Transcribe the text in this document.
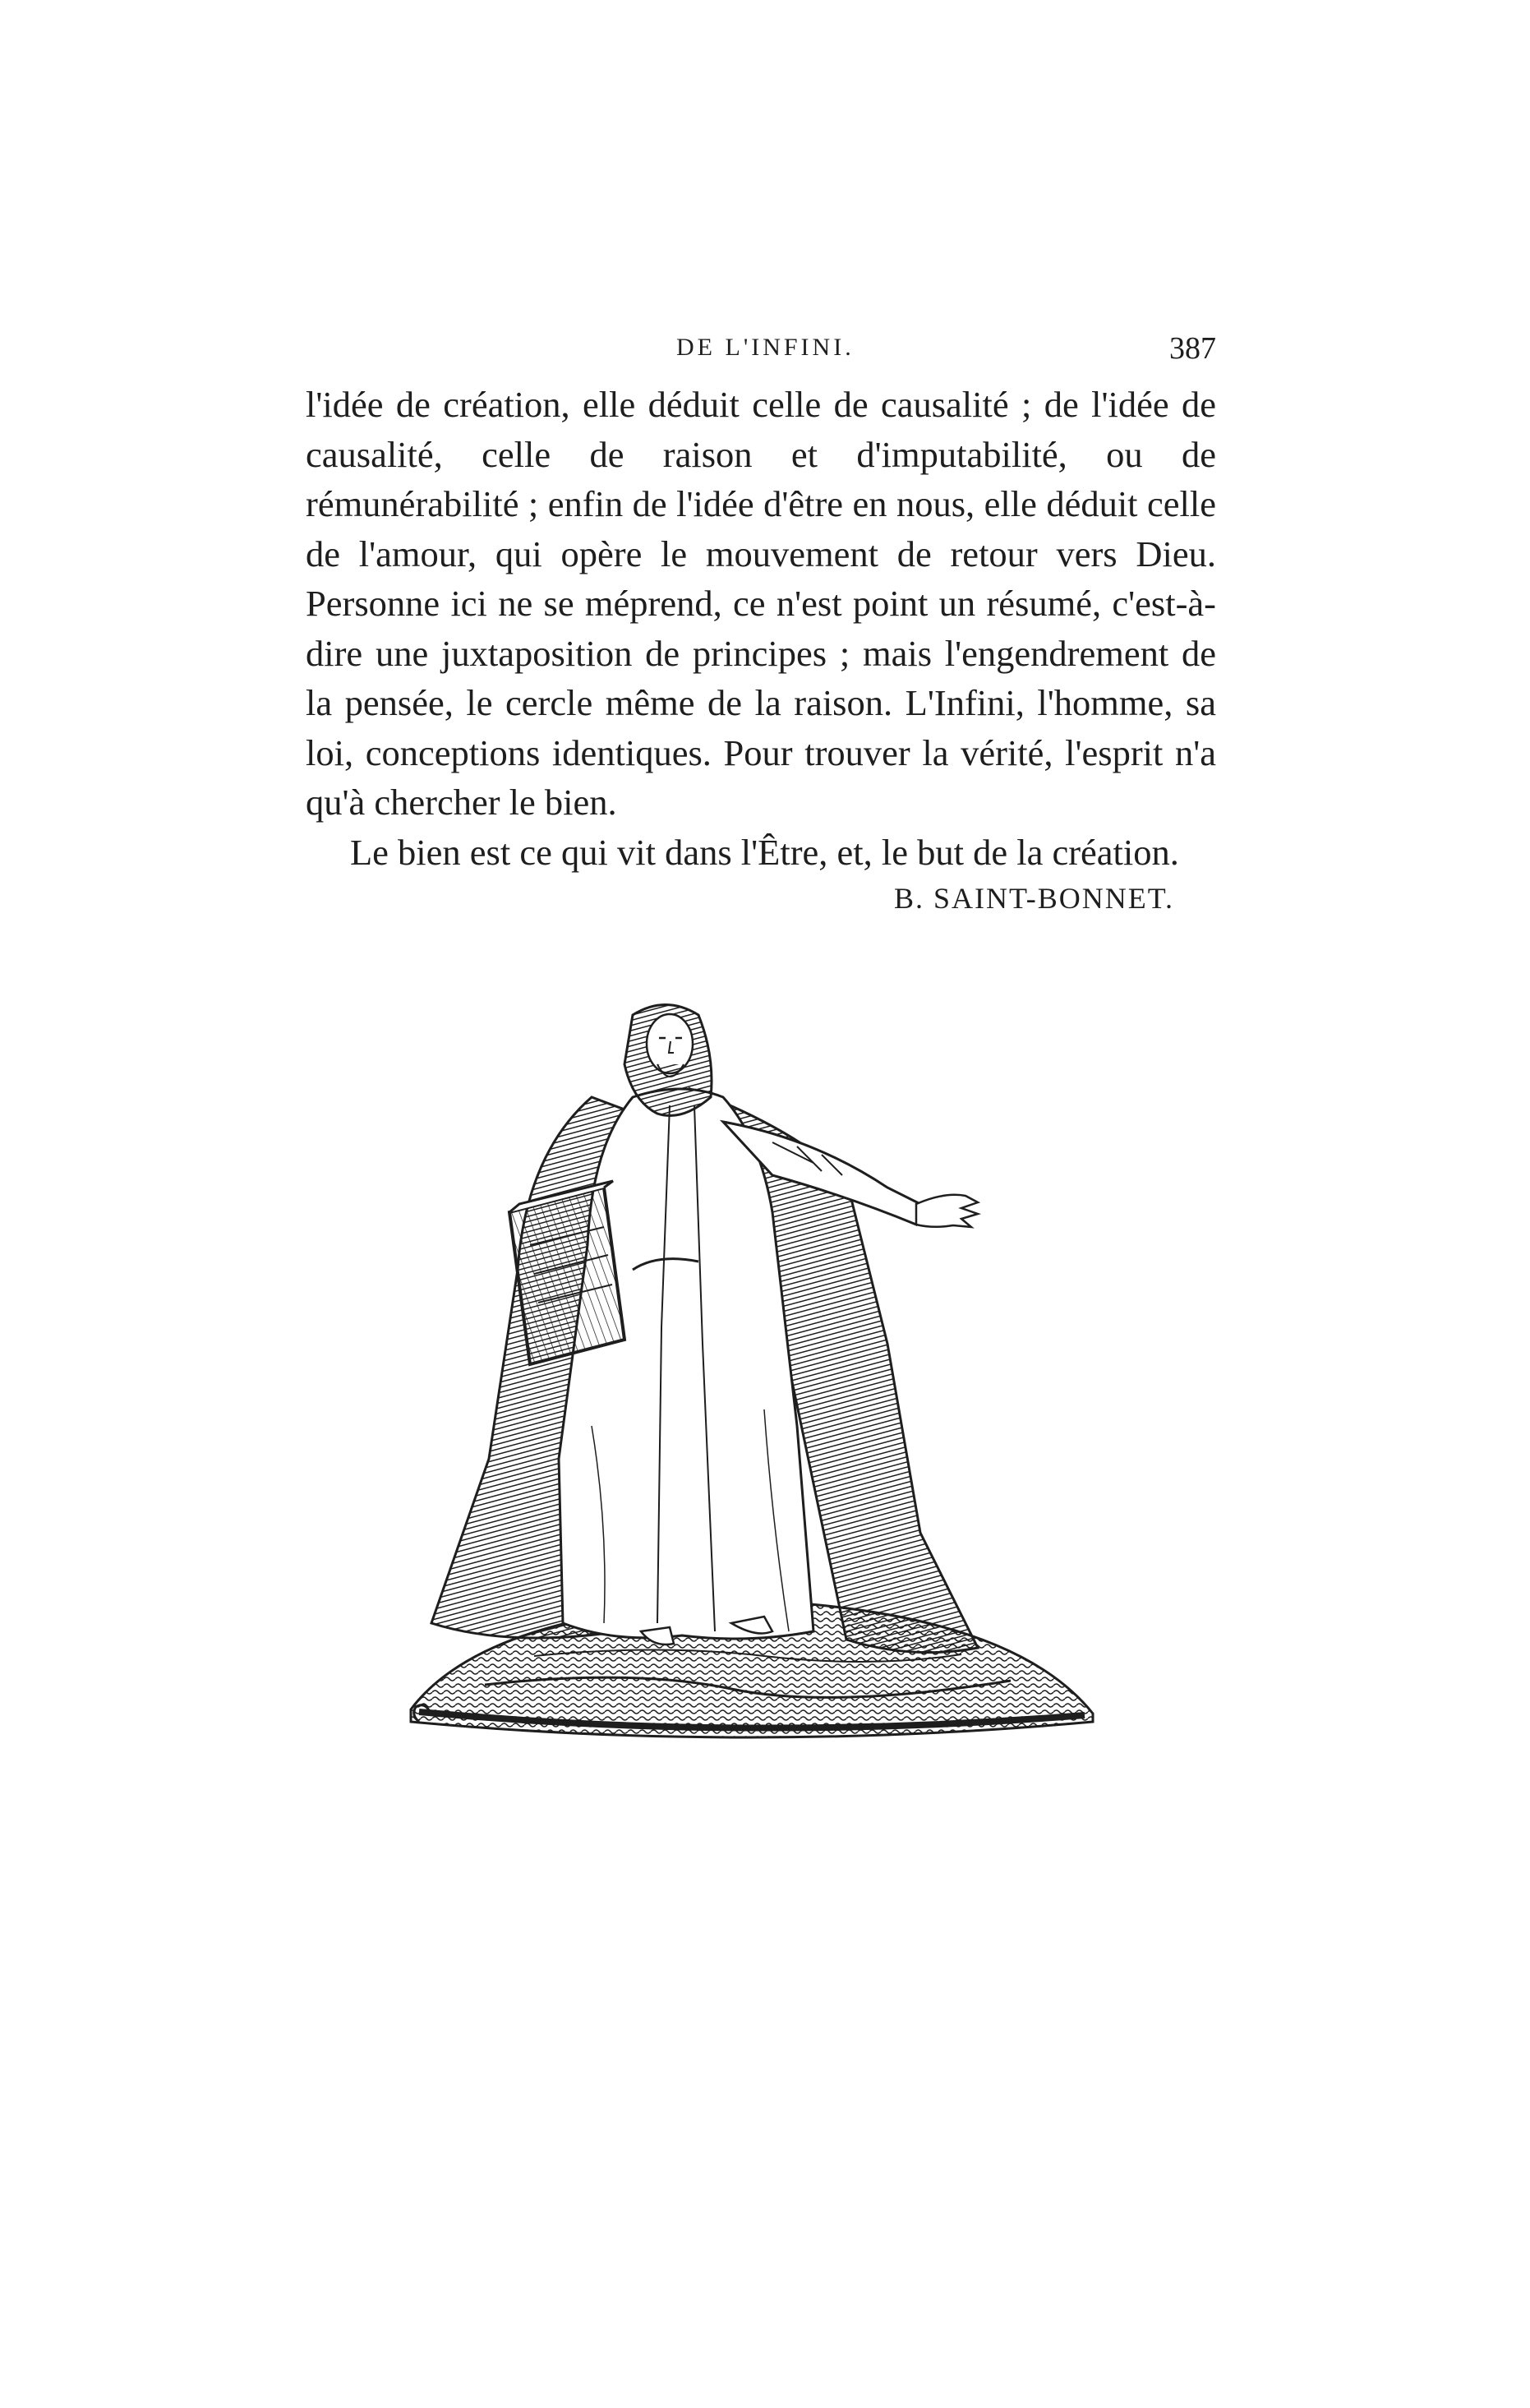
DE L'INFINI.	387

l'idée de création, elle déduit celle de causalité ; de l'idée de causalité, celle de raison et d'imputabilité, ou de rémunérabilité ; enfin de l'idée d'être en nous, elle déduit celle de l'amour, qui opère le mouvement de retour vers Dieu. Personne ici ne se méprend, ce n'est point un résumé, c'est-à-dire une juxtaposition de principes ; mais l'engendrement de la pensée, le cercle même de la raison. L'Infini, l'homme, sa loi, conceptions identiques. Pour trouver la vérité, l'esprit n'a qu'à chercher le bien.

Le bien est ce qui vit dans l'Être, et, le but de la création.

B. SAINT-BONNET.
